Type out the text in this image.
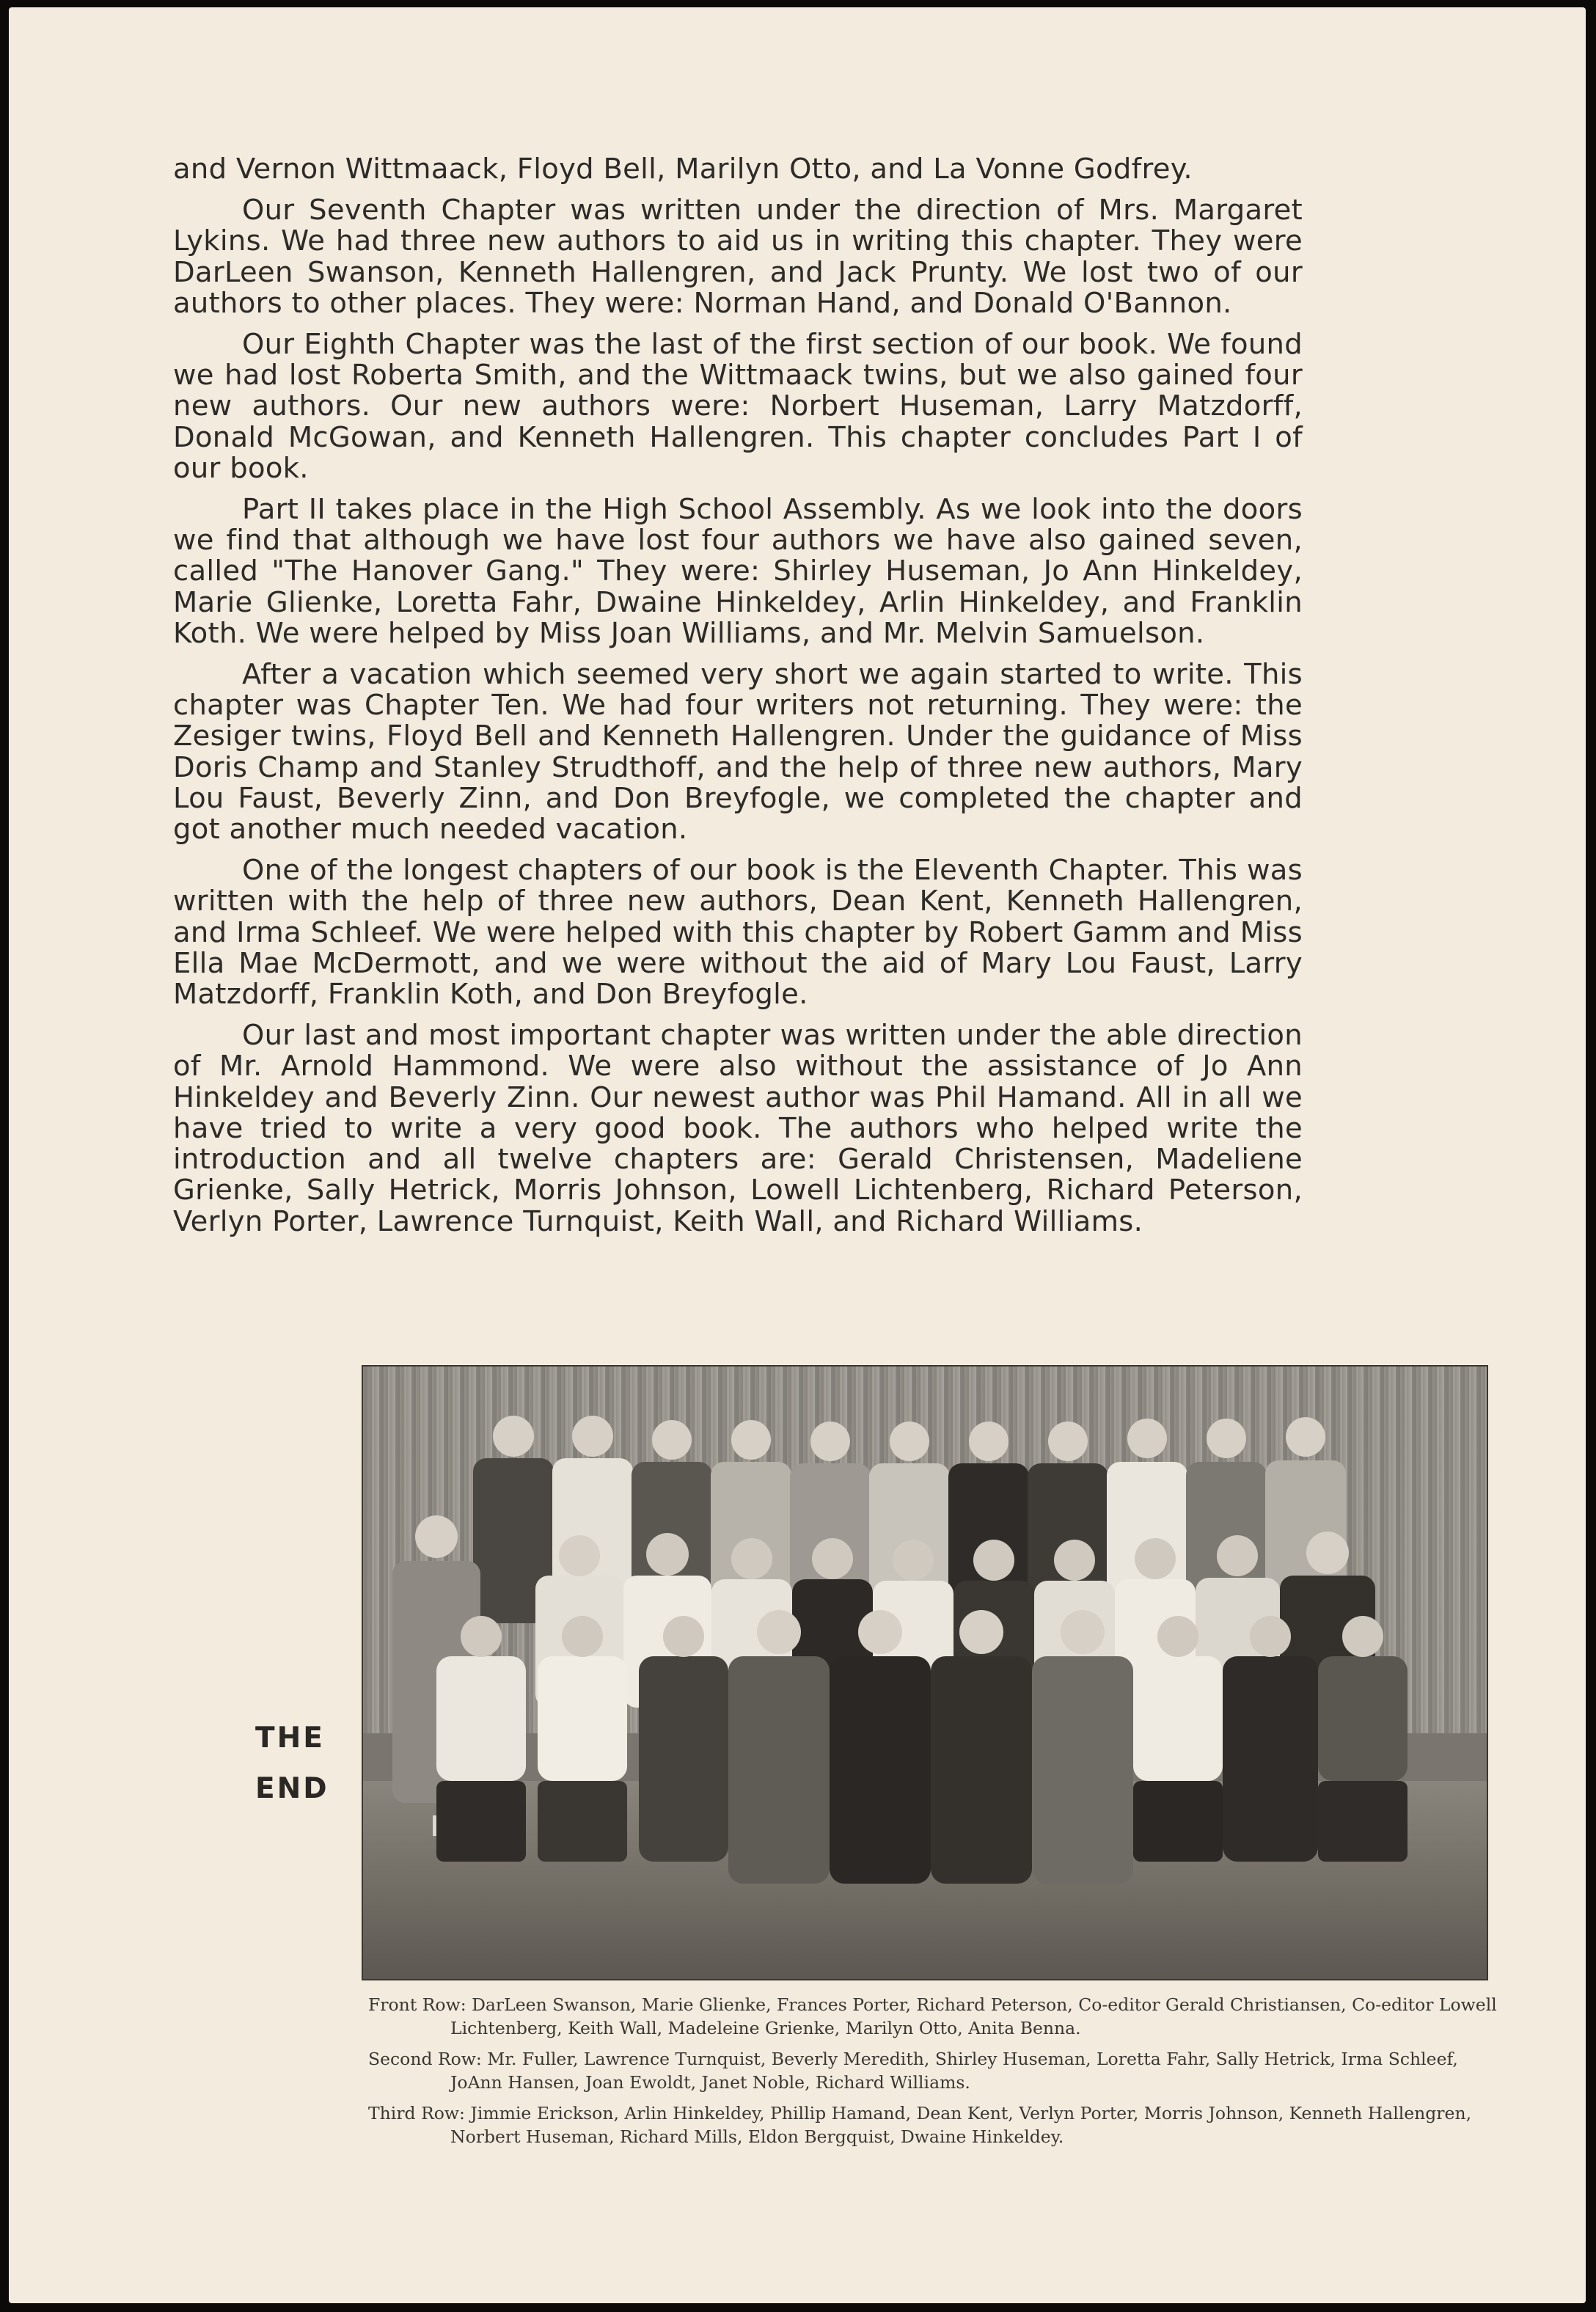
and Vernon Wittmaack, Floyd Bell, Marilyn Otto, and La Vonne Godfrey.

Our Seventh Chapter was written under the direction of Mrs. Margaret Lykins. We had three new authors to aid us in writing this chapter. They were DarLeen Swanson, Kenneth Hallengren, and Jack Prunty. We lost two of our authors to other places. They were: Norman Hand, and Donald O'Bannon.

Our Eighth Chapter was the last of the first section of our book. We found we had lost Roberta Smith, and the Wittmaack twins, but we also gained four new authors. Our new authors were: Norbert Huseman, Larry Matzdorff, Donald McGowan, and Kenneth Hallengren. This chapter concludes Part I of our book.

Part II takes place in the High School Assembly. As we look into the doors we find that although we have lost four authors we have also gained seven, called "The Hanover Gang." They were: Shirley Huseman, Jo Ann Hinkeldey, Marie Glienke, Loretta Fahr, Dwaine Hinkeldey, Arlin Hinkeldey, and Franklin Koth. We were helped by Miss Joan Williams, and Mr. Melvin Samuelson.

After a vacation which seemed very short we again started to write. This chapter was Chapter Ten. We had four writers not returning. They were: the Zesiger twins, Floyd Bell and Kenneth Hallengren. Under the guidance of Miss Doris Champ and Stanley Strudthoff, and the help of three new authors, Mary Lou Faust, Beverly Zinn, and Don Breyfogle, we completed the chapter and got another much needed vacation.

One of the longest chapters of our book is the Eleventh Chapter. This was written with the help of three new authors, Dean Kent, Kenneth Hallengren, and Irma Schleef. We were helped with this chapter by Robert Gamm and Miss Ella Mae McDermott, and we were without the aid of Mary Lou Faust, Larry Matzdorff, Franklin Koth, and Don Breyfogle.

Our last and most important chapter was written under the able direction of Mr. Arnold Hammond. We were also without the assistance of Jo Ann Hinkeldey and Beverly Zinn. Our newest author was Phil Hamand. All in all we have tried to write a very good book. The authors who helped write the introduction and all twelve chapters are: Gerald Christensen, Madeliene Grienke, Sally Hetrick, Morris Johnson, Lowell Lichtenberg, Richard Peterson, Verlyn Porter, Lawrence Turnquist, Keith Wall, and Richard Williams.

THE
END

Front Row: DarLeen Swanson, Marie Glienke, Frances Porter, Richard Peterson, Co-editor Gerald Christiansen, Co-editor Lowell Lichtenberg, Keith Wall, Madeleine Grienke, Marilyn Otto, Anita Benna.

Second Row: Mr. Fuller, Lawrence Turnquist, Beverly Meredith, Shirley Huseman, Loretta Fahr, Sally Hetrick, Irma Schleef, JoAnn Hansen, Joan Ewoldt, Janet Noble, Richard Williams.

Third Row: Jimmie Erickson, Arlin Hinkeldey, Phillip Hamand, Dean Kent, Verlyn Porter, Morris Johnson, Kenneth Hallengren, Norbert Huseman, Richard Mills, Eldon Bergquist, Dwaine Hinkeldey.
